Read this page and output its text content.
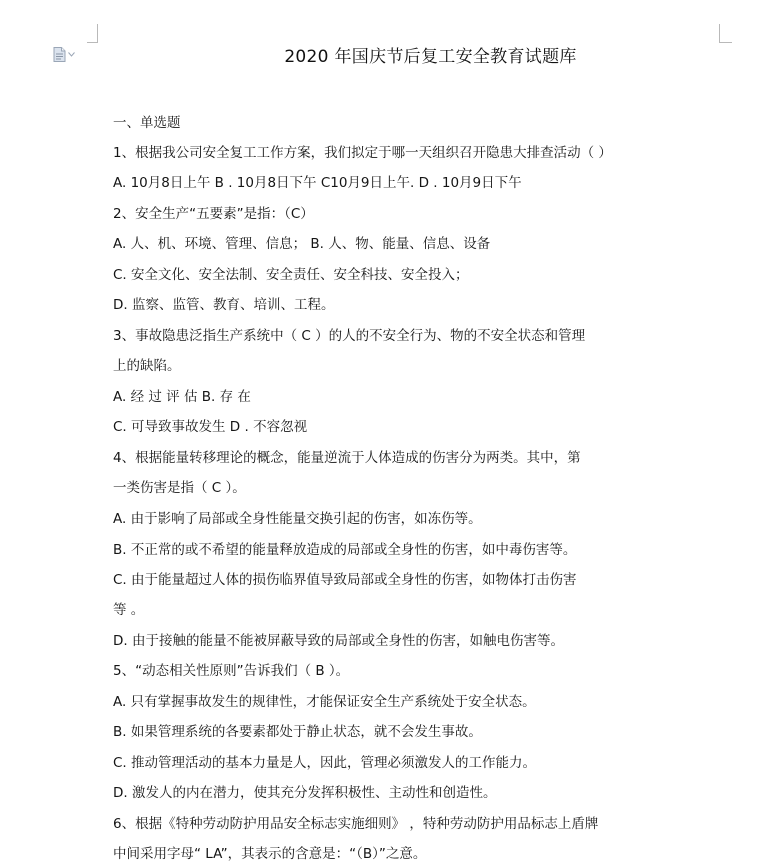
2020 年国庆节后复工安全教育试题库
一、单选题
1、根据我公司安全复工工作方案，我们拟定于哪一天组织召开隐患大排查活动（ ）
A. 10月8日上午 B . 10月8日下午 C10月9日上午. D . 10月9日下午
2、安全生产“五要素”是指：（C）
A. 人、机、环境、管理、信息； B. 人、物、能量、信息、设备
C. 安全文化、安全法制、安全责任、安全科技、安全投入；
D. 监察、监管、教育、培训、工程。
3、事故隐患泛指生产系统中（ C ）的人的不安全行为、物的不安全状态和管理
上的缺陷。
A. 经 过 评 估 B. 存 在
C. 可导致事故发生 D . 不容忽视
4、根据能量转移理论的概念，能量逆流于人体造成的伤害分为两类。其中，第
一类伤害是指（ C ）。
A. 由于影响了局部或全身性能量交换引起的伤害，如冻伤等。
B. 不正常的或不希望的能量释放造成的局部或全身性的伤害，如中毒伤害等。
C. 由于能量超过人体的损伤临界值导致局部或全身性的伤害，如物体打击伤害
等 。
D. 由于接触的能量不能被屏蔽导致的局部或全身性的伤害，如触电伤害等。
5、“动态相关性原则”告诉我们（ B ）。
A. 只有掌握事故发生的规律性，才能保证安全生产系统处于安全状态。
B. 如果管理系统的各要素都处于静止状态，就不会发生事故。
C. 推动管理活动的基本力量是人，因此，管理必须激发人的工作能力。
D. 激发人的内在潜力，使其充分发挥积极性、主动性和创造性。
6、根据《特种劳动防护用品安全标志实施细则》 ，特种劳动防护用品标志上盾牌
中间采用字母“ LA”，其表示的含意是：“（B）”之意。
